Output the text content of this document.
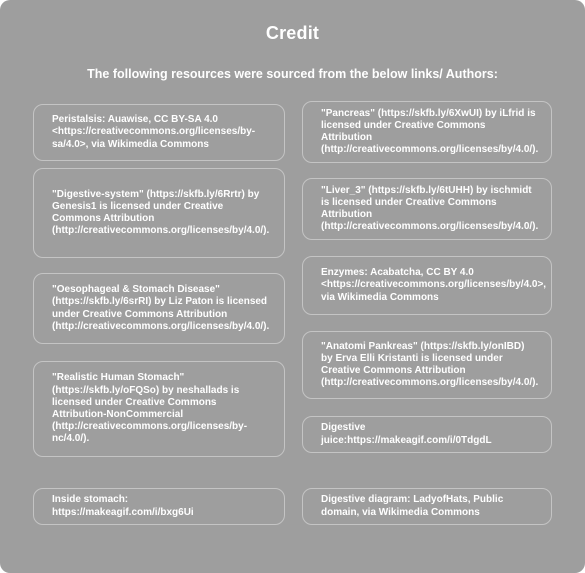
Credit

The following resources were sourced from the below links/ Authors:

Peristalsis: Auawise, CC BY-SA 4.0 <https://creativecommons.org/licenses/by-sa/4.0>, via Wikimedia Commons
"Digestive-system" (https://skfb.ly/6Rrtr) by Genesis1 is licensed under Creative Commons Attribution (http://creativecommons.org/licenses/by/4.0/).
"Oesophageal & Stomach Disease" (https://skfb.ly/6srRI) by Liz Paton is licensed under Creative Commons Attribution (http://creativecommons.org/licenses/by/4.0/).
"Realistic Human Stomach" (https://skfb.ly/oFQSo) by neshallads is licensed under Creative Commons Attribution-NonCommercial (http://creativecommons.org/licenses/by-nc/4.0/).
Inside stomach: https://makeagif.com/i/bxg6Ui
"Pancreas" (https://skfb.ly/6XwUI) by iLfrid is licensed under Creative Commons Attribution (http://creativecommons.org/licenses/by/4.0/).
"Liver_3" (https://skfb.ly/6tUHH) by ischmidt is licensed under Creative Commons Attribution (http://creativecommons.org/licenses/by/4.0/).
Enzymes: Acabatcha, CC BY 4.0 <https://creativecommons.org/licenses/by/4.0>, via Wikimedia Commons
"Anatomi Pankreas" (https://skfb.ly/onIBD) by Erva Elli Kristanti is licensed under Creative Commons Attribution (http://creativecommons.org/licenses/by/4.0/).
Digestive juice:https://makeagif.com/i/0TdgdL
Digestive diagram: LadyofHats, Public domain, via Wikimedia Commons
